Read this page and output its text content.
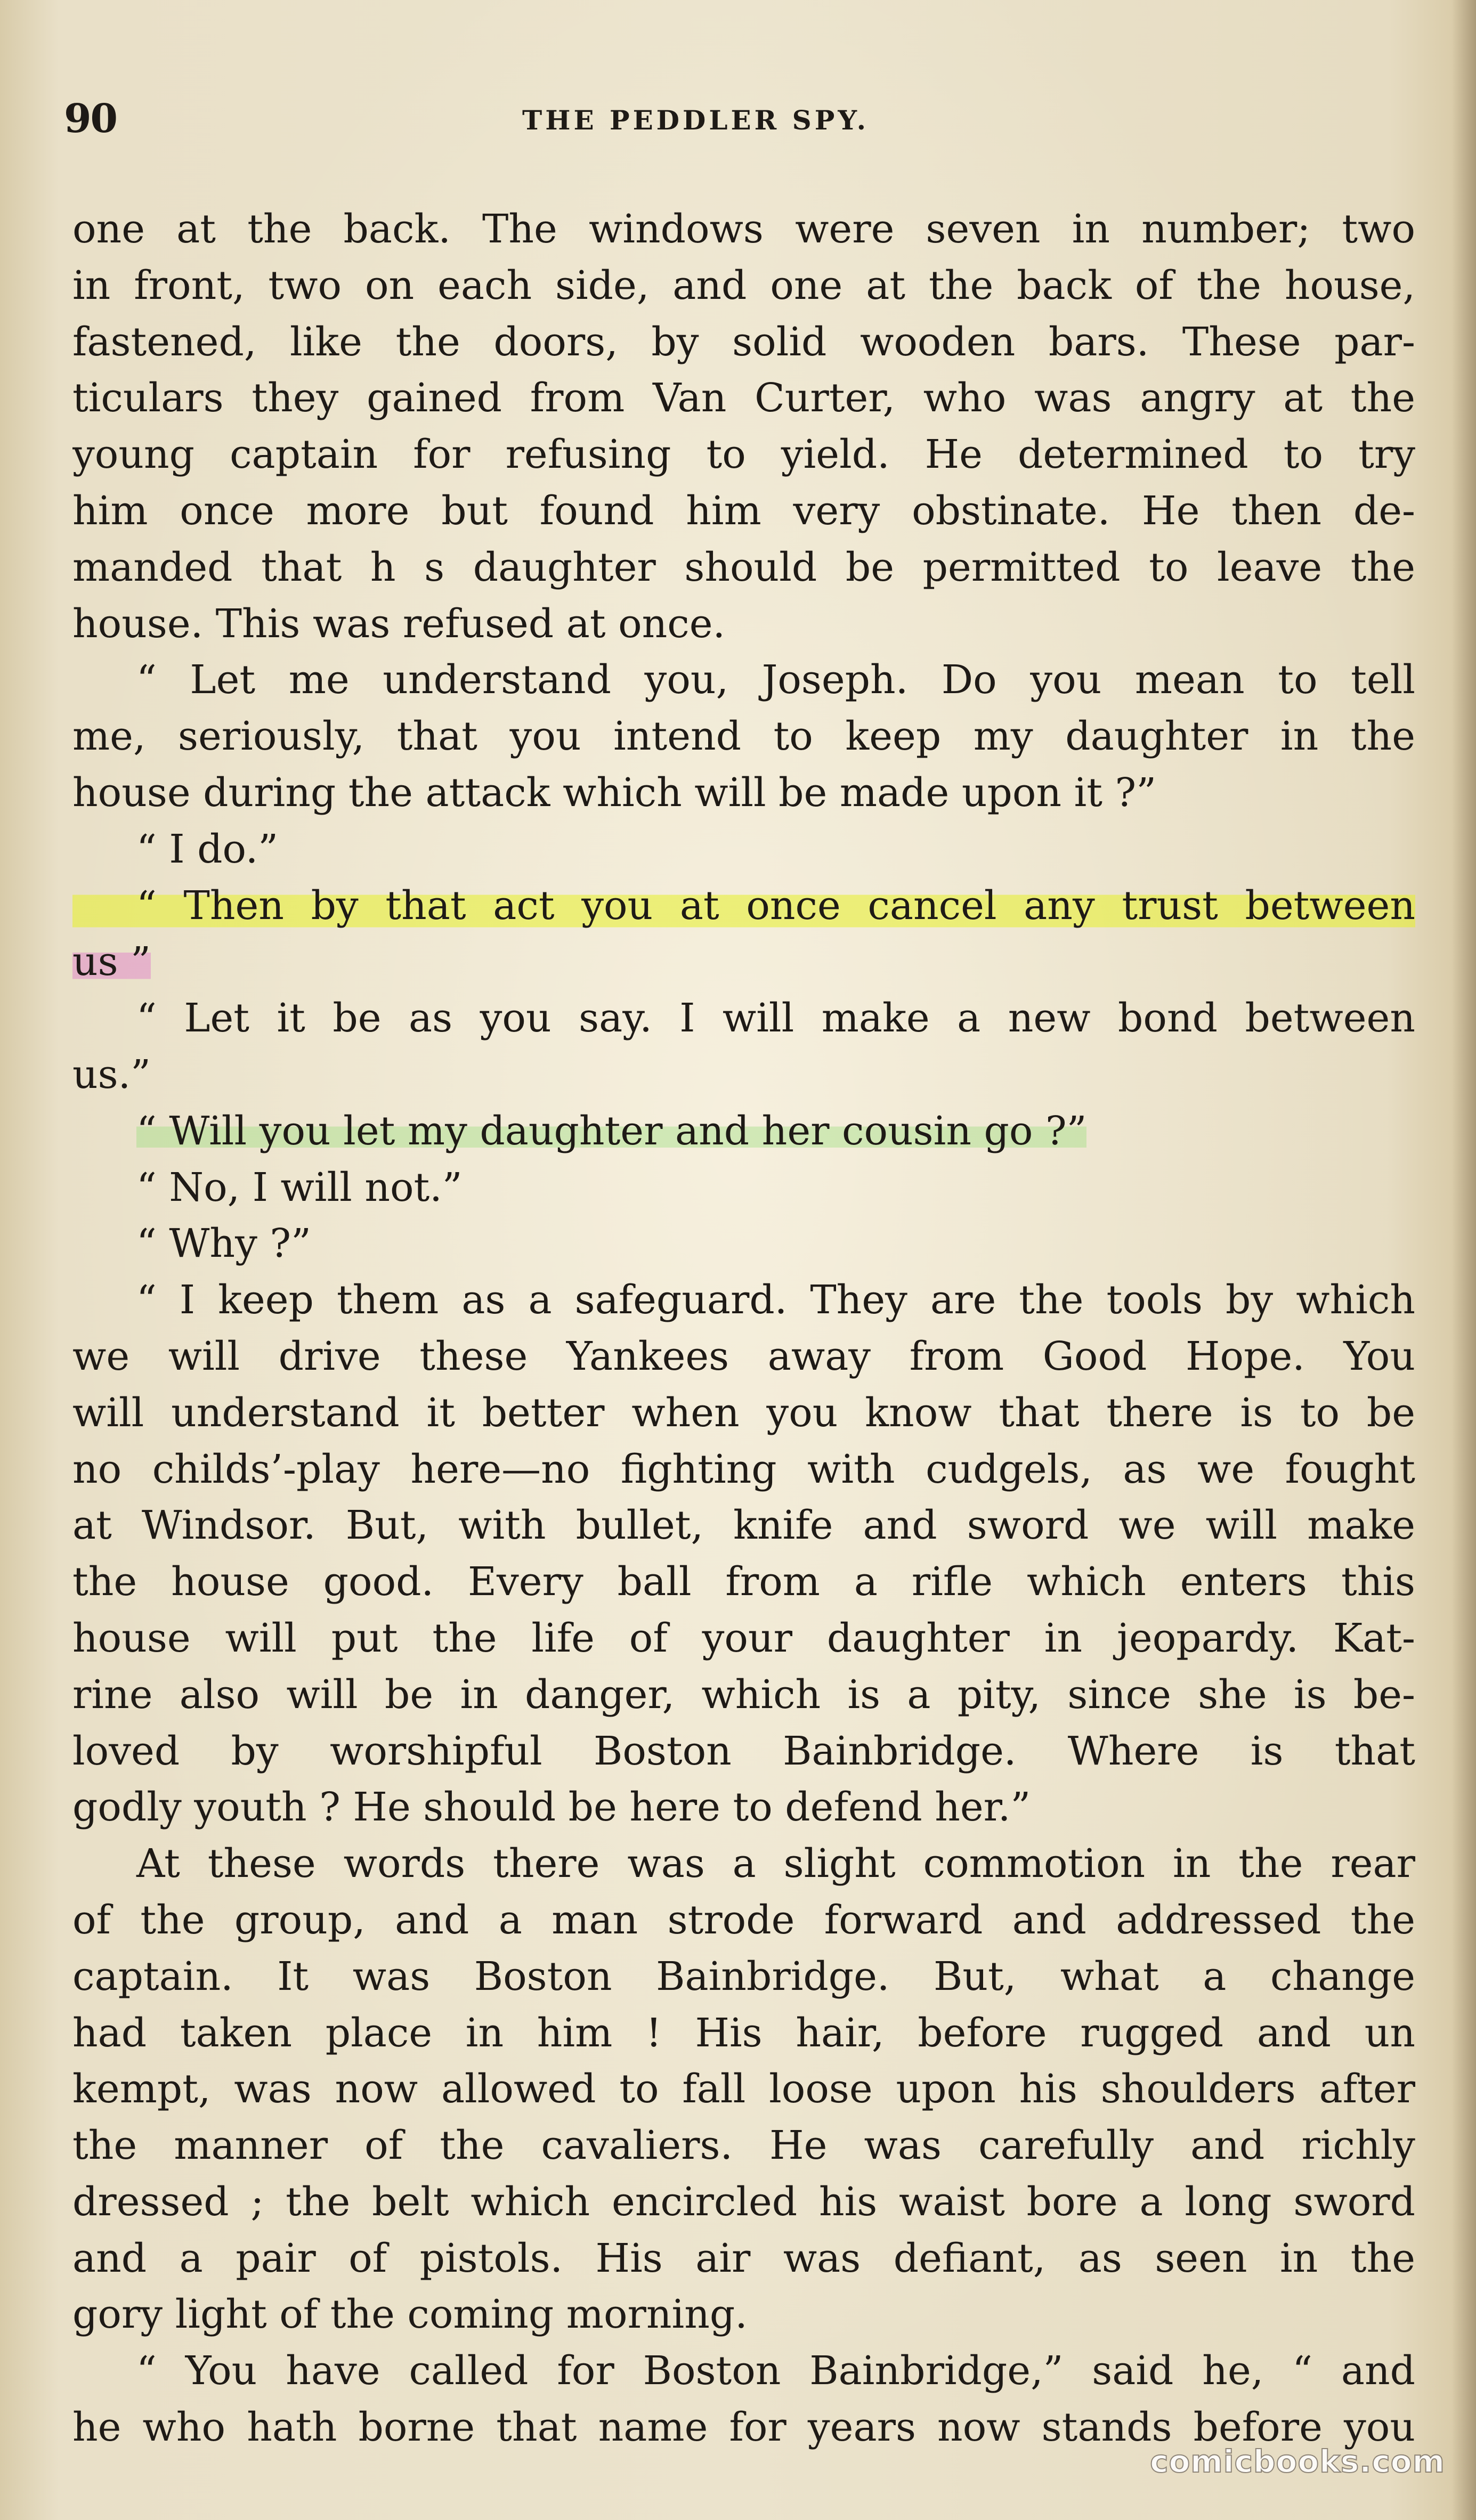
90	THE PEDDLER SPY.
one at the back. The windows were seven in number; two
in front, two on each side, and one at the back of the house,
fastened, like the doors, by solid wooden bars. These par-
ticulars they gained from Van Curter, who was angry at the
young captain for refusing to yield. He determined to try
him once more but found him very obstinate. He then de-
manded that h s daughter should be permitted to leave the
house. This was refused at once.
“ Let me understand you, Joseph. Do you mean to tell
me, seriously, that you intend to keep my daughter in the
house during the attack which will be made upon it ?”
“ I do.”
“ Then by that act you at once cancel any trust between
us ”
“ Let it be as you say. I will make a new bond between
us.”
“ Will you let my daughter and her cousin go ?”
“ No, I will not.”
“ Why ?”
“ I keep them as a safeguard. They are the tools by which
we will drive these Yankees away from Good Hope. You
will understand it better when you know that there is to be
no childs’-play here—no fighting with cudgels, as we fought
at Windsor. But, with bullet, knife and sword we will make
the house good. Every ball from a rifle which enters this
house will put the life of your daughter in jeopardy. Kat-
rine also will be in danger, which is a pity, since she is be-
loved by worshipful Boston Bainbridge. Where is that
godly youth ? He should be here to defend her.”
At these words there was a slight commotion in the rear
of the group, and a man strode forward and addressed the
captain. It was Boston Bainbridge. But, what a change
had taken place in him ! His hair, before rugged and un
kempt, was now allowed to fall loose upon his shoulders after
the manner of the cavaliers. He was carefully and richly
dressed ; the belt which encircled his waist bore a long sword
and a pair of pistols. His air was defiant, as seen in the
gory light of the coming morning.
“ You have called for Boston Bainbridge,” said he, “ and
he who hath borne that name for years now stands before you
comicbooks.com
